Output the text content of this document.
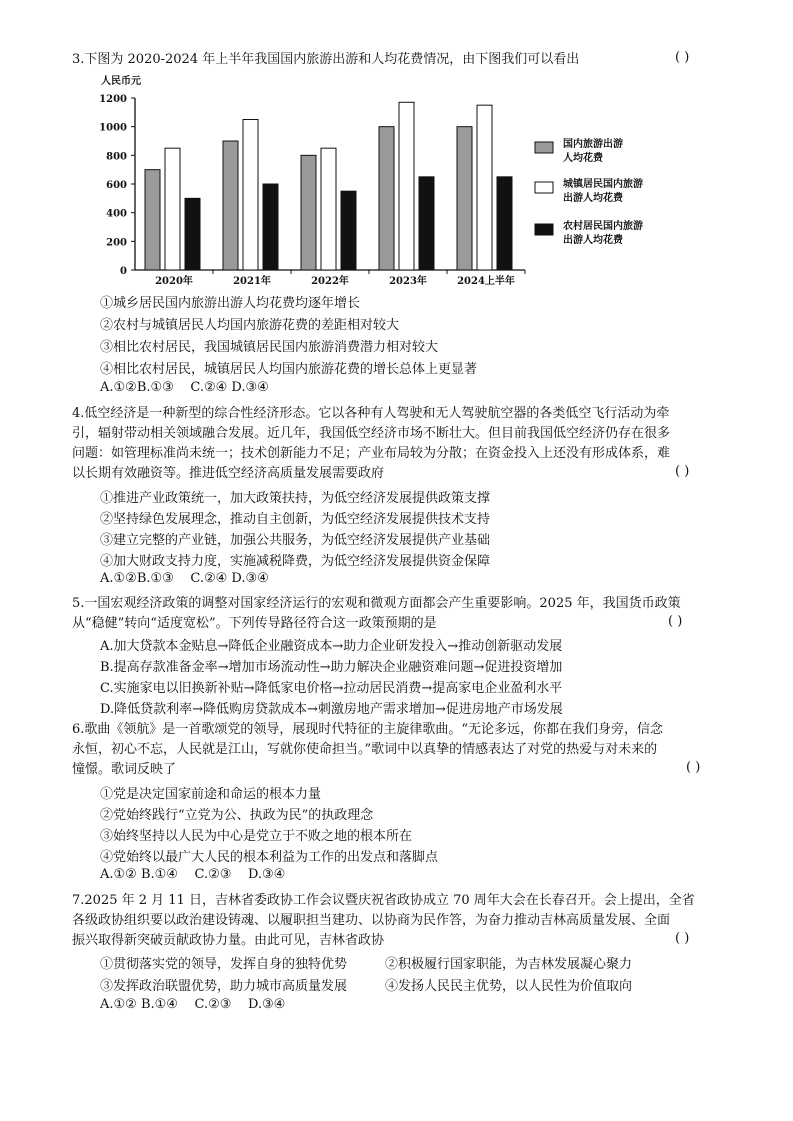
3.下图为 2020-2024 年上半年我国国内旅游出游和人均花费情况，由下图我们可以看出	( )
人民币元
0
200
400
600
800
1000
1200
2020年	2021年	2022年	2023年	2024上半年
国内旅游出游
人均花费
城镇居民国内旅游
出游人均花费
农村居民国内旅游
出游人均花费
①城乡居民国内旅游出游人均花费均逐年增长
②农村与城镇居民人均国内旅游花费的差距相对较大
③相比农村居民，我国城镇居民国内旅游消费潜力相对较大
④相比农村居民，城镇居民人均国内旅游花费的增长总体上更显著
A.①②B.①③    C.②④ D.③④
4.低空经济是一种新型的综合性经济形态。它以各种有人驾驶和无人驾驶航空器的各类低空飞行活动为牵
引，辐射带动相关领域融合发展。近几年，我国低空经济市场不断壮大。但目前我国低空经济仍存在很多
问题：如管理标准尚未统一；技术创新能力不足；产业布局较为分散；在资金投入上还没有形成体系，难
以长期有效融资等。推进低空经济高质量发展需要政府	( )
①推进产业政策统一，加大政策扶持，为低空经济发展提供政策支撑
②坚持绿色发展理念，推动自主创新，为低空经济发展提供技术支持
③建立完整的产业链，加强公共服务，为低空经济发展提供产业基础
④加大财政支持力度，实施减税降费，为低空经济发展提供资金保障
A.①②B.①③    C.②④ D.③④
5.一国宏观经济政策的调整对国家经济运行的宏观和微观方面都会产生重要影响。2025 年，我国货币政策
从“稳健”转向“适度宽松”。下列传导路径符合这一政策预期的是	( )
A.加大贷款本金贴息→降低企业融资成本→助力企业研发投入→推动创新驱动发展
B.提高存款准备金率→增加市场流动性→助力解决企业融资难问题→促进投资增加
C.实施家电以旧换新补贴→降低家电价格→拉动居民消费→提高家电企业盈利水平
D.降低贷款利率→降低购房贷款成本→刺激房地产需求增加→促进房地产市场发展
6.歌曲《领航》是一首歌颂党的领导，展现时代特征的主旋律歌曲。“无论多远，你都在我们身旁，信念
永恒，初心不忘，人民就是江山，写就你使命担当。”歌词中以真挚的情感表达了对党的热爱与对未来的
憧憬。歌词反映了	( )
①党是决定国家前途和命运的根本力量
②党始终践行“立党为公、执政为民”的执政理念
③始终坚持以人民为中心是党立于不败之地的根本所在
④党始终以最广大人民的根本利益为工作的出发点和落脚点
A.①② B.①④    C.②③    D.③④
7.2025 年 2 月 11 日，吉林省委政协工作会议暨庆祝省政协成立 70 周年大会在长春召开。会上提出，全省
各级政协组织要以政治建设铸魂、以履职担当建功、以协商为民作答，为奋力推动吉林高质量发展、全面
振兴取得新突破贡献政协力量。由此可见，吉林省政协	( )
①贯彻落实党的领导，发挥自身的独特优势	②积极履行国家职能，为吉林发展凝心聚力
③发挥政治联盟优势，助力城市高质量发展	④发扬人民民主优势，以人民性为价值取向
A.①② B.①④    C.②③    D.③④
